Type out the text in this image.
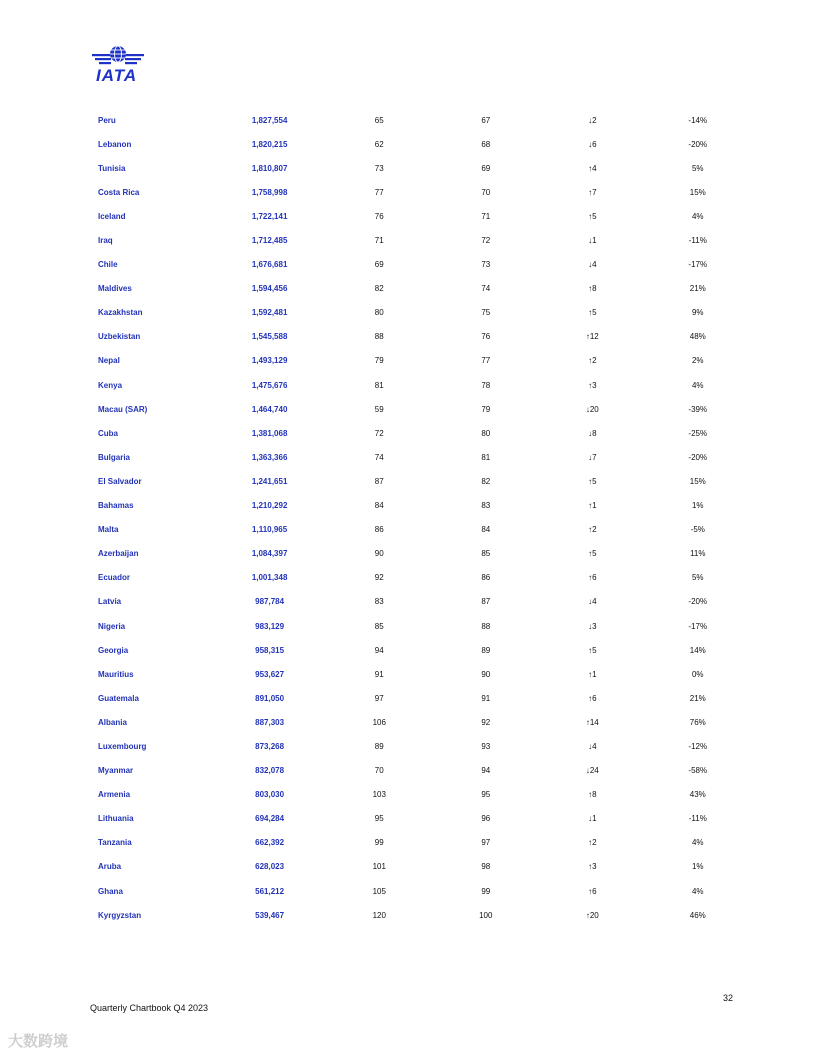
IATA
Peru	1,827,554	65	67	↓2	-14%
Lebanon	1,820,215	62	68	↓6	-20%
Tunisia	1,810,807	73	69	↑4	5%
Costa Rica	1,758,998	77	70	↑7	15%
Iceland	1,722,141	76	71	↑5	4%
Iraq	1,712,485	71	72	↓1	-11%
Chile	1,676,681	69	73	↓4	-17%
Maldives	1,594,456	82	74	↑8	21%
Kazakhstan	1,592,481	80	75	↑5	9%
Uzbekistan	1,545,588	88	76	↑12	48%
Nepal	1,493,129	79	77	↑2	2%
Kenya	1,475,676	81	78	↑3	4%
Macau (SAR)	1,464,740	59	79	↓20	-39%
Cuba	1,381,068	72	80	↓8	-25%
Bulgaria	1,363,366	74	81	↓7	-20%
El Salvador	1,241,651	87	82	↑5	15%
Bahamas	1,210,292	84	83	↑1	1%
Malta	1,110,965	86	84	↑2	-5%
Azerbaijan	1,084,397	90	85	↑5	11%
Ecuador	1,001,348	92	86	↑6	5%
Latvia	987,784	83	87	↓4	-20%
Nigeria	983,129	85	88	↓3	-17%
Georgia	958,315	94	89	↑5	14%
Mauritius	953,627	91	90	↑1	0%
Guatemala	891,050	97	91	↑6	21%
Albania	887,303	106	92	↑14	76%
Luxembourg	873,268	89	93	↓4	-12%
Myanmar	832,078	70	94	↓24	-58%
Armenia	803,030	103	95	↑8	43%
Lithuania	694,284	95	96	↓1	-11%
Tanzania	662,392	99	97	↑2	4%
Aruba	628,023	101	98	↑3	1%
Ghana	561,212	105	99	↑6	4%
Kyrgyzstan	539,467	120	100	↑20	46%
Quarterly Chartbook Q4 2023
32
大数跨境
